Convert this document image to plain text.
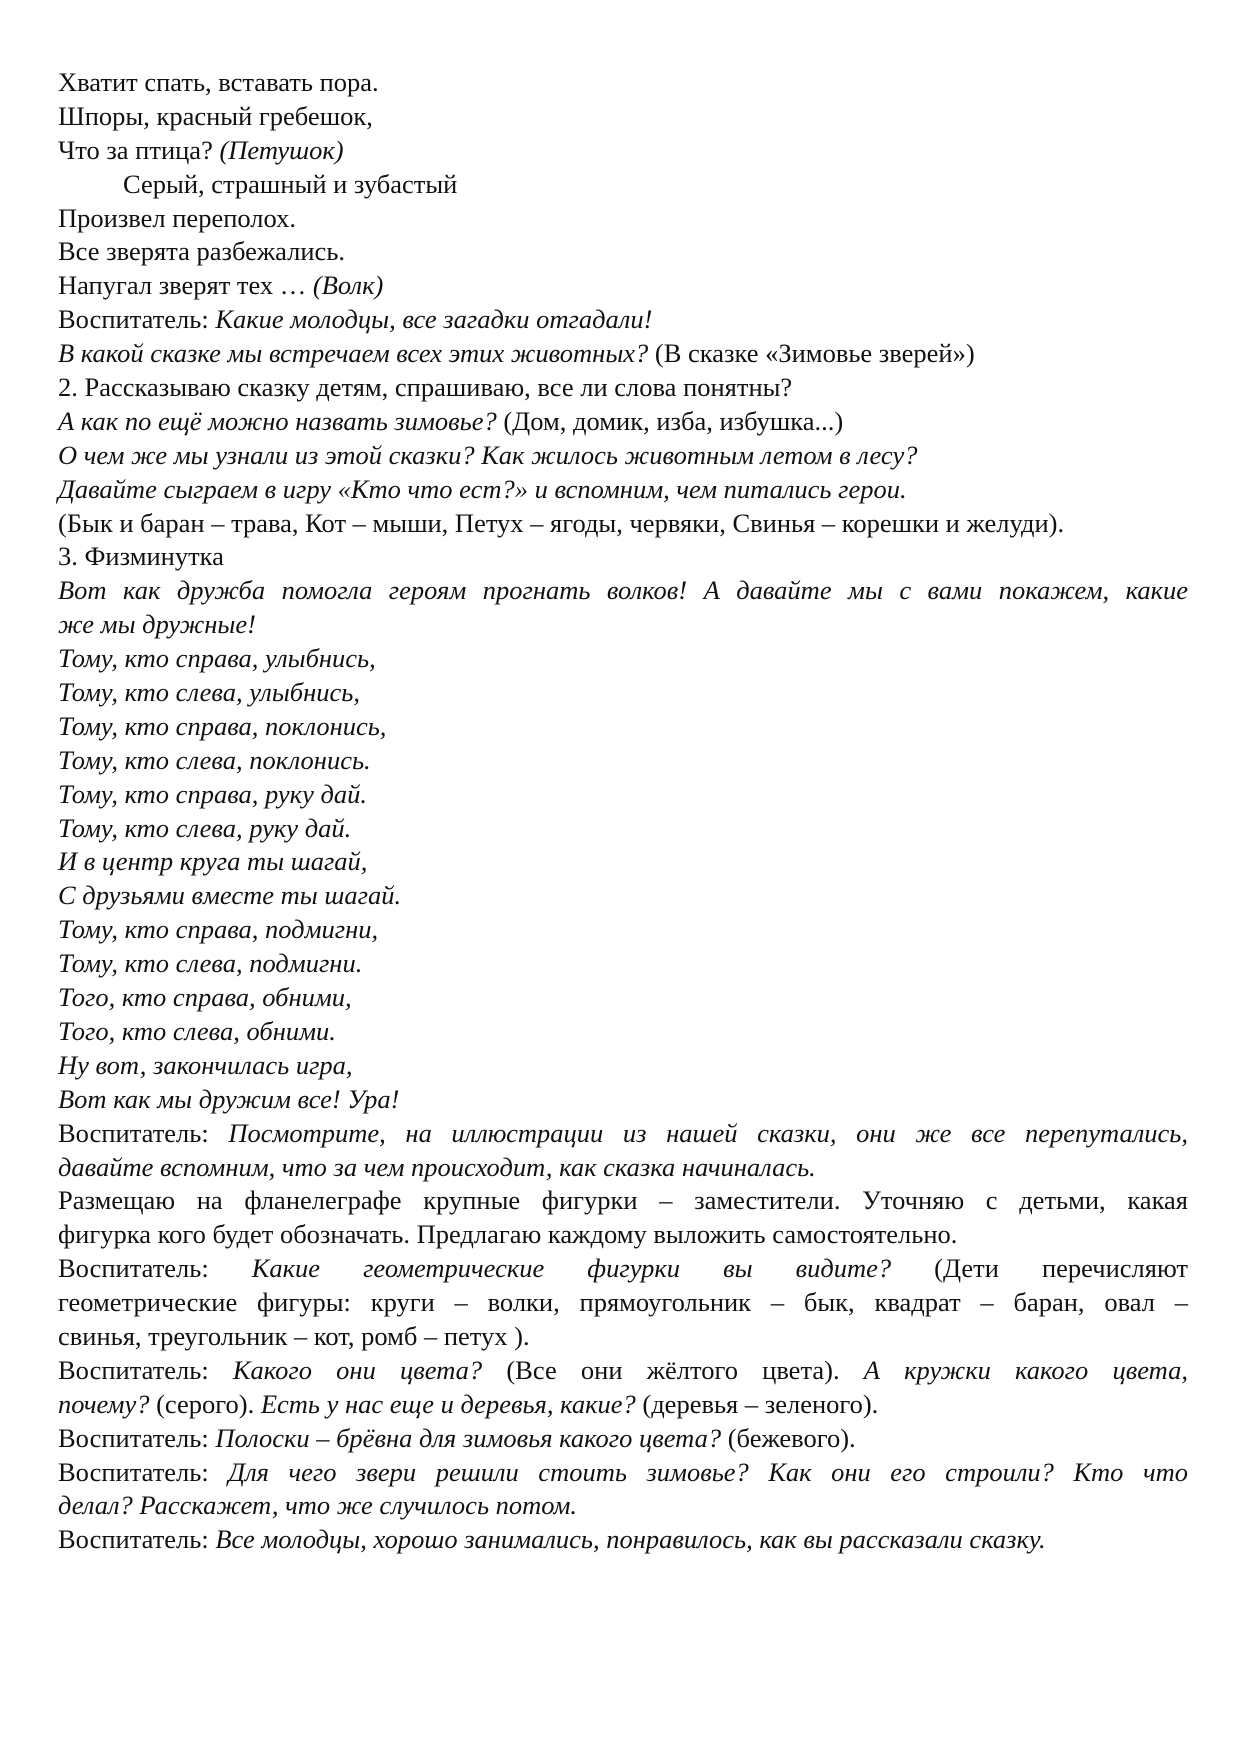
Хватит спать, вставать пора.
Шпоры, красный гребешок,
Что за птица? (Петушок)
Серый, страшный и зубастый
Произвел переполох.
Все зверята разбежались.
Напугал зверят тех … (Волк)
Воспитатель: Какие молодцы, все загадки отгадали!
В какой сказке мы встречаем всех этих животных? (В сказке «Зимовье зверей»)
2. Рассказываю сказку детям, спрашиваю, все ли слова понятны?
А как по ещё можно назвать зимовье? (Дом, домик, изба, избушка...)
О чем же мы узнали из этой сказки? Как жилось животным летом в лесу?
Давайте сыграем в игру «Кто что ест?» и вспомним, чем питались герои.
(Бык и баран – трава, Кот – мыши, Петух – ягоды, червяки, Свинья – корешки и желуди).
3. Физминутка
Вот как дружба помогла героям прогнать волков! А давайте мы с вами покажем, какие
же мы дружные!
Тому, кто справа, улыбнись,
Тому, кто слева, улыбнись,
Тому, кто справа, поклонись,
Тому, кто слева, поклонись.
Тому, кто справа, руку дай.
Тому, кто слева, руку дай.
И в центр круга ты шагай,
С друзьями вместе ты шагай.
Тому, кто справа, подмигни,
Тому, кто слева, подмигни.
Того, кто справа, обними,
Того, кто слева, обними.
Ну вот, закончилась игра,
Вот как мы дружим все! Ура!
Воспитатель: Посмотрите, на иллюстрации из нашей сказки, они же все перепутались,
давайте вспомним, что за чем происходит, как сказка начиналась.
Размещаю на фланелеграфе крупные фигурки – заместители. Уточняю с детьми, какая
фигурка кого будет обозначать. Предлагаю каждому выложить самостоятельно.
Воспитатель: Какие геометрические фигурки вы видите? (Дети перечисляют
геометрические фигуры: круги – волки, прямоугольник – бык, квадрат – баран, овал –
свинья, треугольник – кот, ромб – петух ).
Воспитатель: Какого они цвета? (Все они жёлтого цвета). А кружки какого цвета,
почему? (серого). Есть у нас еще и деревья, какие? (деревья – зеленого).
Воспитатель: Полоски – брёвна для зимовья какого цвета? (бежевого).
Воспитатель: Для чего звери решили стоить зимовье? Как они его строили? Кто что
делал? Расскажет, что же случилось потом.
Воспитатель: Все молодцы, хорошо занимались, понравилось, как вы рассказали сказку.
